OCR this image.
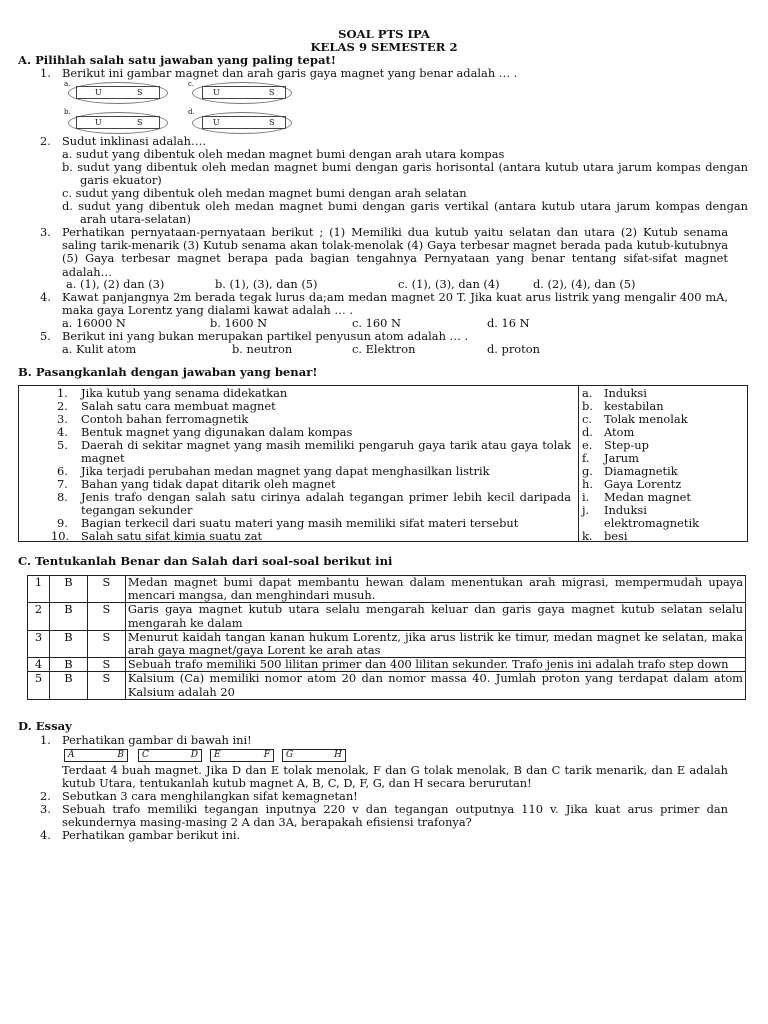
SOAL PTS IPA
KELAS 9 SEMESTER 2
A. Pilihlah salah satu jawaban yang paling tepat!
1. Berikut ini gambar magnet dan arah garis gaya magnet yang benar adalah … .
a.	c.
b.	d.
U	S	U	S
U	S	U	S
2. Sudut inklinasi adalah….
a. sudut yang dibentuk oleh medan magnet bumi dengan arah utara kompas
b. sudut yang dibentuk oleh medan magnet bumi dengan garis horisontal (antara kutub utara jarum kompas dengan garis ekuator)
c. sudut yang dibentuk oleh medan magnet bumi dengan arah selatan
d. sudut yang dibentuk oleh medan magnet bumi dengan garis vertikal (antara kutub utara jarum kompas dengan arah utara-selatan)
3. Perhatikan pernyataan-pernyataan berikut ; (1) Memiliki dua kutub yaitu selatan dan utara (2) Kutub senama saling tarik-menarik (3) Kutub senama akan tolak-menolak (4) Gaya terbesar magnet berada pada kutub-kutubnya (5) Gaya terbesar magnet berapa pada bagian tengahnya Pernyataan yang benar tentang sifat-sifat magnet adalah…
a. (1), (2) dan (3)	b. (1), (3), dan (5)	c. (1), (3), dan (4)	d. (2), (4), dan (5)
4. Kawat panjangnya 2m berada tegak lurus da;am medan magnet 20 T. Jika kuat arus listrik yang mengalir 400 mA, maka gaya Lorentz yang dialami kawat adalah … .
a. 16000 N	b. 1600 N	c. 160 N	d. 16 N
5. Berikut ini yang bukan merupakan partikel penyusun atom adalah … .
a. Kulit atom	b. neutron	c. Elektron	d. proton
B. Pasangkanlah dengan jawaban yang benar!
1. Jika kutub yang senama didekatkan
2. Salah satu cara membuat magnet
3. Contoh bahan ferromagnetik
4. Bentuk magnet yang digunakan dalam kompas
5. Daerah di sekitar magnet yang masih memiliki pengaruh gaya tarik atau gaya tolak magnet
6. Jika terjadi perubahan medan magnet yang dapat menghasilkan listrik
7. Bahan yang tidak dapat ditarik oleh magnet
8. Jenis trafo dengan salah satu cirinya adalah tegangan primer lebih kecil daripada tegangan sekunder
9. Bagian terkecil dari suatu materi yang masih memiliki sifat materi tersebut
10. Salah satu sifat kimia suatu zat
a. Induksi
b. kestabilan
c. Tolak menolak
d. Atom
e. Step-up
f. Jarum
g. Diamagnetik
h. Gaya Lorentz
i. Medan magnet
j. Induksi elektromagnetik
k. besi
C. Tentukanlah Benar dan Salah dari soal-soal berikut ini
1	B	S	Medan magnet bumi dapat membantu hewan dalam menentukan arah migrasi, mempermudah upaya mencari mangsa, dan menghindari musuh.
2	B	S	Garis gaya magnet kutub utara selalu mengarah keluar dan garis gaya magnet kutub selatan selalu mengarah ke dalam
3	B	S	Menurut kaidah tangan kanan hukum Lorentz, jika arus listrik ke timur, medan magnet ke selatan, maka arah gaya magnet/gaya Lorent ke arah atas
4	B	S	Sebuah trafo memiliki 500 lilitan primer dan 400 lilitan sekunder. Trafo jenis ini adalah trafo step down
5	B	S	Kalsium (Ca) memiliki nomor atom 20 dan nomor massa 40. Jumlah proton yang terdapat dalam atom Kalsium adalah 20
D. Essay
1. Perhatikan gambar di bawah ini!
A	B C	D E	F G	H
Terdaat 4 buah magnet. Jika D dan E tolak menolak, F dan G tolak menolak, B dan C tarik menarik, dan E adalah kutub Utara, tentukanlah kutub magnet A, B, C, D, F, G, dan H secara berurutan!
2. Sebutkan 3 cara menghilangkan sifat kemagnetan!
3. Sebuah trafo memiliki tegangan inputnya 220 v dan tegangan outputnya 110 v. Jika kuat arus primer dan sekundernya masing-masing 2 A dan 3A, berapakah efisiensi trafonya?
4. Perhatikan gambar berikut ini.
